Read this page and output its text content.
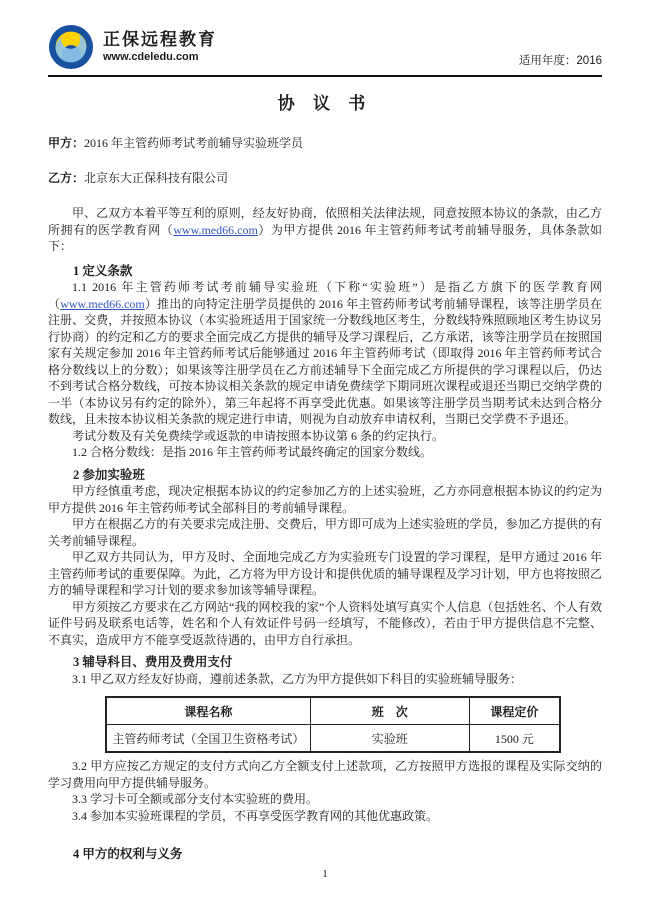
正保远程教育
www.cdeledu.com	适用年度：2016
协 议 书
甲方：2016 年主管药师考试考前辅导实验班学员
乙方：北京东大正保科技有限公司

甲、乙双方本着平等互利的原则，经友好协商，依照相关法律法规，同意按照本协议的条款，由乙方所拥有的医学教育网（www.med66.com）为甲方提供 2016 年主管药师考试考前辅导服务，具体条款如下：

1 定义条款

1.1 2016 年主管药师考试考前辅导实验班（下称“实验班”）是指乙方旗下的医学教育网（www.med66.com）推出的向特定注册学员提供的 2016 年主管药师考试考前辅导课程，该等注册学员在注册、交费，并按照本协议（本实验班适用于国家统一分数线地区考生，分数线特殊照顾地区考生协议另行协商）的约定和乙方的要求全面完成乙方提供的辅导及学习课程后，乙方承诺，该等注册学员在按照国家有关规定参加 2016 年主管药师考试后能够通过 2016 年主管药师考试（即取得 2016 年主管药师考试合格分数线以上的分数）；如果该等注册学员在乙方前述辅导下全面完成乙方所提供的学习课程以后，仍达不到考试合格分数线，可按本协议相关条款的规定申请免费续学下期同班次课程或退还当期已交纳学费的一半（本协议另有约定的除外），第三年起将不再享受此优惠。如果该等注册学员当期考试未达到合格分数线，且未按本协议相关条款的规定进行申请，则视为自动放弃申请权利，当期已交学费不予退还。

考试分数及有关免费续学或返款的申请按照本协议第 6 条的约定执行。

1.2 合格分数线：是指 2016 年主管药师考试最终确定的国家分数线。

2 参加实验班

甲方经慎重考虑，现决定根据本协议的约定参加乙方的上述实验班，乙方亦同意根据本协议的约定为甲方提供 2016 年主管药师考试全部科目的考前辅导课程。

甲方在根据乙方的有关要求完成注册、交费后，甲方即可成为上述实验班的学员，参加乙方提供的有关考前辅导课程。

甲乙双方共同认为，甲方及时、全面地完成乙方为实验班专门设置的学习课程，是甲方通过 2016 年主管药师考试的重要保障。为此，乙方将为甲方设计和提供优质的辅导课程及学习计划，甲方也将按照乙方的辅导课程和学习计划的要求参加该等辅导课程。

甲方须按乙方要求在乙方网站“我的网校我的家”个人资料处填写真实个人信息（包括姓名、个人有效证件号码及联系电话等，姓名和个人有效证件号码一经填写，不能修改），若由于甲方提供信息不完整、不真实，造成甲方不能享受返款待遇的，由甲方自行承担。

3 辅导科目、费用及费用支付

3.1 甲乙双方经友好协商，遵前述条款，乙方为甲方提供如下科目的实验班辅导服务：

课程名称	班　次	课程定价
主管药师考试（全国卫生资格考试）	实验班	1500 元

3.2 甲方应按乙方规定的支付方式向乙方全额支付上述款项，乙方按照甲方选报的课程及实际交纳的学习费用向甲方提供辅导服务。

3.3 学习卡可全额或部分支付本实验班的费用。

3.4 参加本实验班课程的学员，不再享受医学教育网的其他优惠政策。

4 甲方的权利与义务
1
